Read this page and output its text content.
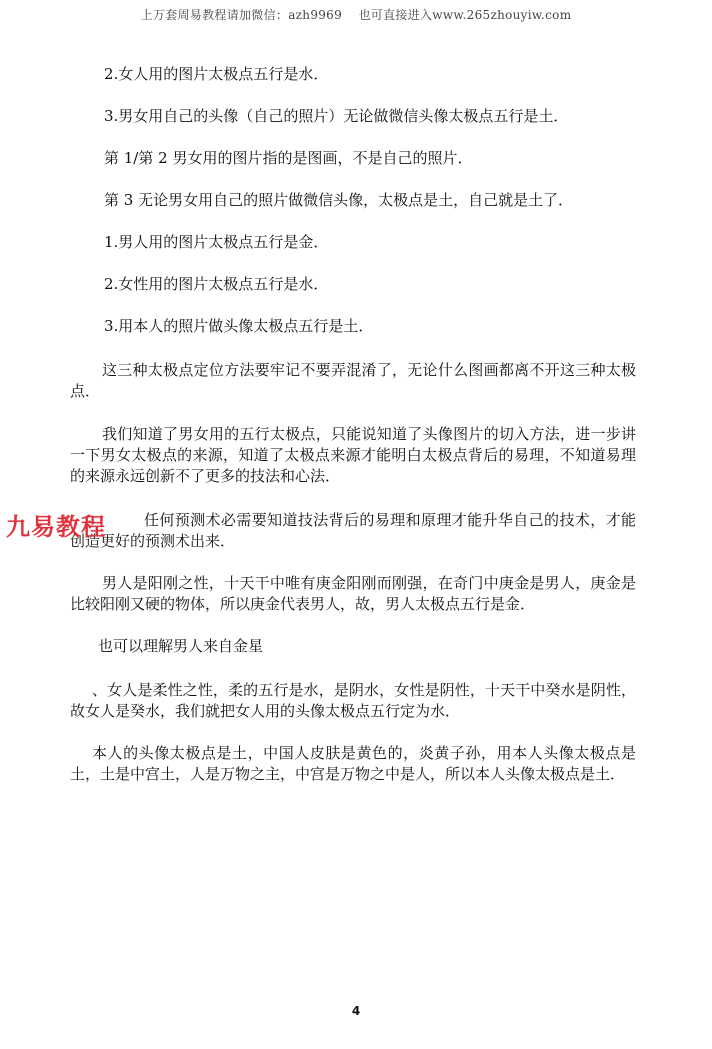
上万套周易教程请加微信：azh9969　 也可直接进入www.265zhouyiw.com

2.女人用的图片太极点五行是水．

3.男女用自己的头像（自己的照片）无论做微信头像太极点五行是土．

第 1/第 2 男女用的图片指的是图画，不是自己的照片．

第 3 无论男女用自己的照片做微信头像，太极点是土，自己就是土了．

1.男人用的图片太极点五行是金．

2.女性用的图片太极点五行是水．

3.用本人的照片做头像太极点五行是土．

这三种太极点定位方法要牢记不要弄混淆了，无论什么图画都离不开这三种太极点．

我们知道了男女用的五行太极点，只能说知道了头像图片的切入方法，进一步讲一下男女太极点的来源，知道了太极点来源才能明白太极点背后的易理，不知道易理的来源永远创新不了更多的技法和心法．

任何预测术必需要知道技法背后的易理和原理才能升华自己的技术，才能创造更好的预测术出来．

男人是阳刚之性，十天干中唯有庚金阳刚而刚强，在奇门中庚金是男人，庚金是比较阳刚又硬的物体，所以庚金代表男人，故，男人太极点五行是金．

也可以理解男人来自金星

、女人是柔性之性，柔的五行是水，是阴水，女性是阴性，十天干中癸水是阴性，故女人是癸水，我们就把女人用的头像太极点五行定为水．

本人的头像太极点是土，中国人皮肤是黄色的，炎黄子孙，用本人头像太极点是土，土是中宫土，人是万物之主，中宫是万物之中是人，所以本人头像太极点是土．

九易教程
4
